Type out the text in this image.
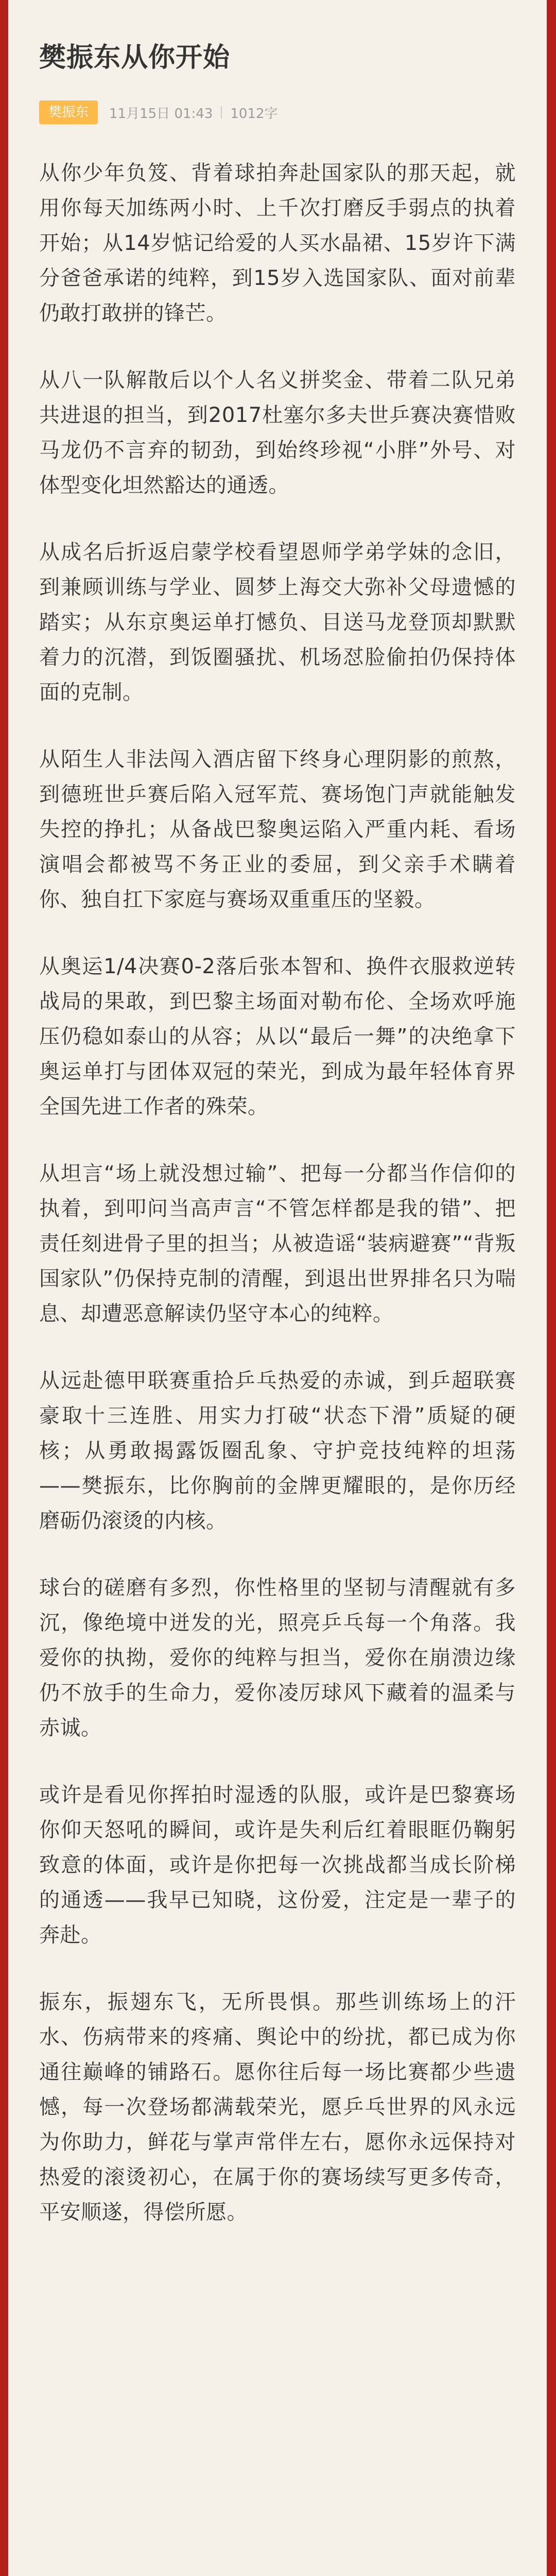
樊振东从你开始
樊振东	11月15日 01:43 1012字

从你少年负笈、背着球拍奔赴国家队的那天起，就用你每天加练两小时、上千次打磨反手弱点的执着开始；从14岁惦记给爱的人买水晶裙、15岁许下满分爸爸承诺的纯粹，到15岁入选国家队、面对前辈仍敢打敢拼的锋芒。

从八一队解散后以个人名义拼奖金、带着二队兄弟共进退的担当，到2017杜塞尔多夫世乒赛决赛惜败马龙仍不言弃的韧劲，到始终珍视“小胖”外号、对体型变化坦然豁达的通透。

从成名后折返启蒙学校看望恩师学弟学妹的念旧，到兼顾训练与学业、圆梦上海交大弥补父母遗憾的踏实；从东京奥运单打憾负、目送马龙登顶却默默着力的沉潜，到饭圈骚扰、机场怼脸偷拍仍保持体面的克制。

从陌生人非法闯入酒店留下终身心理阴影的煎熬，到德班世乒赛后陷入冠军荒、赛场饱门声就能触发失控的挣扎；从备战巴黎奥运陷入严重内耗、看场演唱会都被骂不务正业的委屈，到父亲手术瞒着你、独自扛下家庭与赛场双重重压的坚毅。

从奥运1/4决赛0-2落后张本智和、换件衣服救逆转战局的果敢，到巴黎主场面对勒布伦、全场欢呼施压仍稳如泰山的从容；从以“最后一舞”的决绝拿下奥运单打与团体双冠的荣光，到成为最年轻体育界全国先进工作者的殊荣。

从坦言“场上就没想过输”、把每一分都当作信仰的执着，到叩问当高声言“不管怎样都是我的错”、把责任刻进骨子里的担当；从被造谣“装病避赛”“背叛国家队”仍保持克制的清醒，到退出世界排名只为喘息、却遭恶意解读仍坚守本心的纯粹。

从远赴德甲联赛重拾乒乓热爱的赤诚，到乒超联赛豪取十三连胜、用实力打破“状态下滑”质疑的硬核；从勇敢揭露饭圈乱象、守护竞技纯粹的坦荡——樊振东，比你胸前的金牌更耀眼的，是你历经磨砺仍滚烫的内核。

球台的磋磨有多烈，你性格里的坚韧与清醒就有多沉，像绝境中迸发的光，照亮乒乓每一个角落。我爱你的执拗，爱你的纯粹与担当，爱你在崩溃边缘仍不放手的生命力，爱你凌厉球风下藏着的温柔与赤诚。

或许是看见你挥拍时湿透的队服，或许是巴黎赛场你仰天怒吼的瞬间，或许是失利后红着眼眶仍鞠躬致意的体面，或许是你把每一次挑战都当成长阶梯的通透——我早已知晓，这份爱，注定是一辈子的奔赴。

振东，振翅东飞，无所畏惧。那些训练场上的汗水、伤病带来的疼痛、舆论中的纷扰，都已成为你通往巅峰的铺路石。愿你往后每一场比赛都少些遗憾，每一次登场都满载荣光，愿乒乓世界的风永远为你助力，鲜花与掌声常伴左右，愿你永远保持对热爱的滚烫初心，在属于你的赛场续写更多传奇，平安顺遂，得偿所愿。
